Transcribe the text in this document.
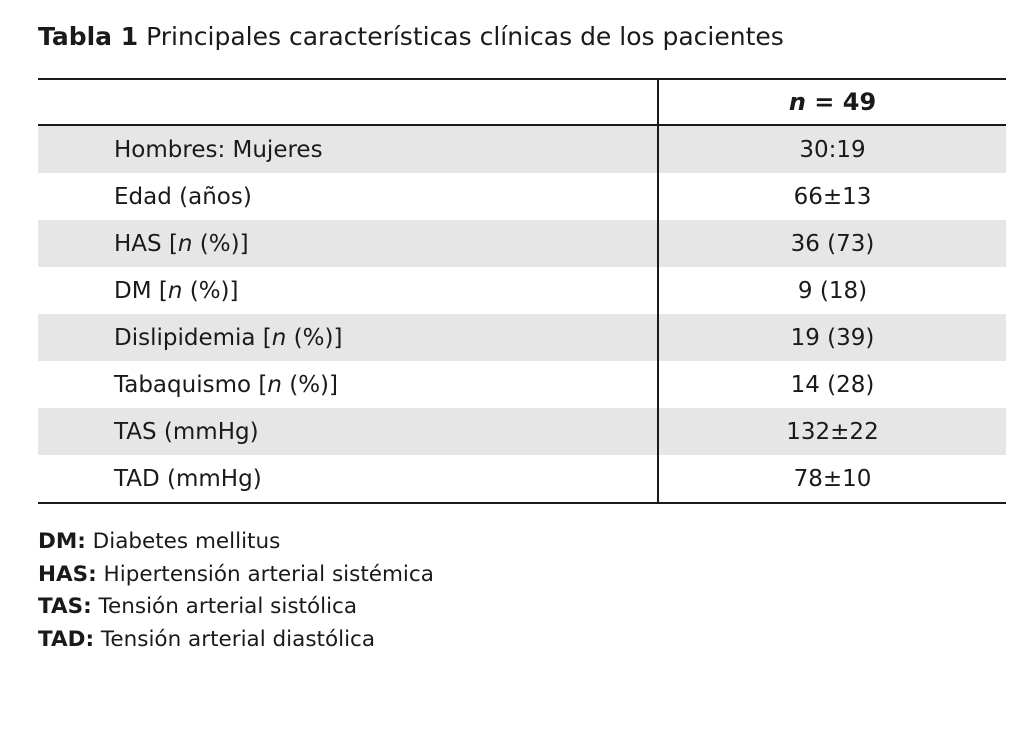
Tabla 1 Principales características clínicas de los pacientes

	n = 49

Hombres: Mujeres	30:19
Edad (años)	66±13
HAS [n (%)]	36 (73)
DM [n (%)]	9 (18)
Dislipidemia [n (%)]	19 (39)
Tabaquismo [n (%)]	14 (28)
TAS (mmHg)	132±22
TAD (mmHg)	78±10

DM: Diabetes mellitus
HAS: Hipertensión arterial sistémica
TAS: Tensión arterial sistólica
TAD: Tensión arterial diastólica
